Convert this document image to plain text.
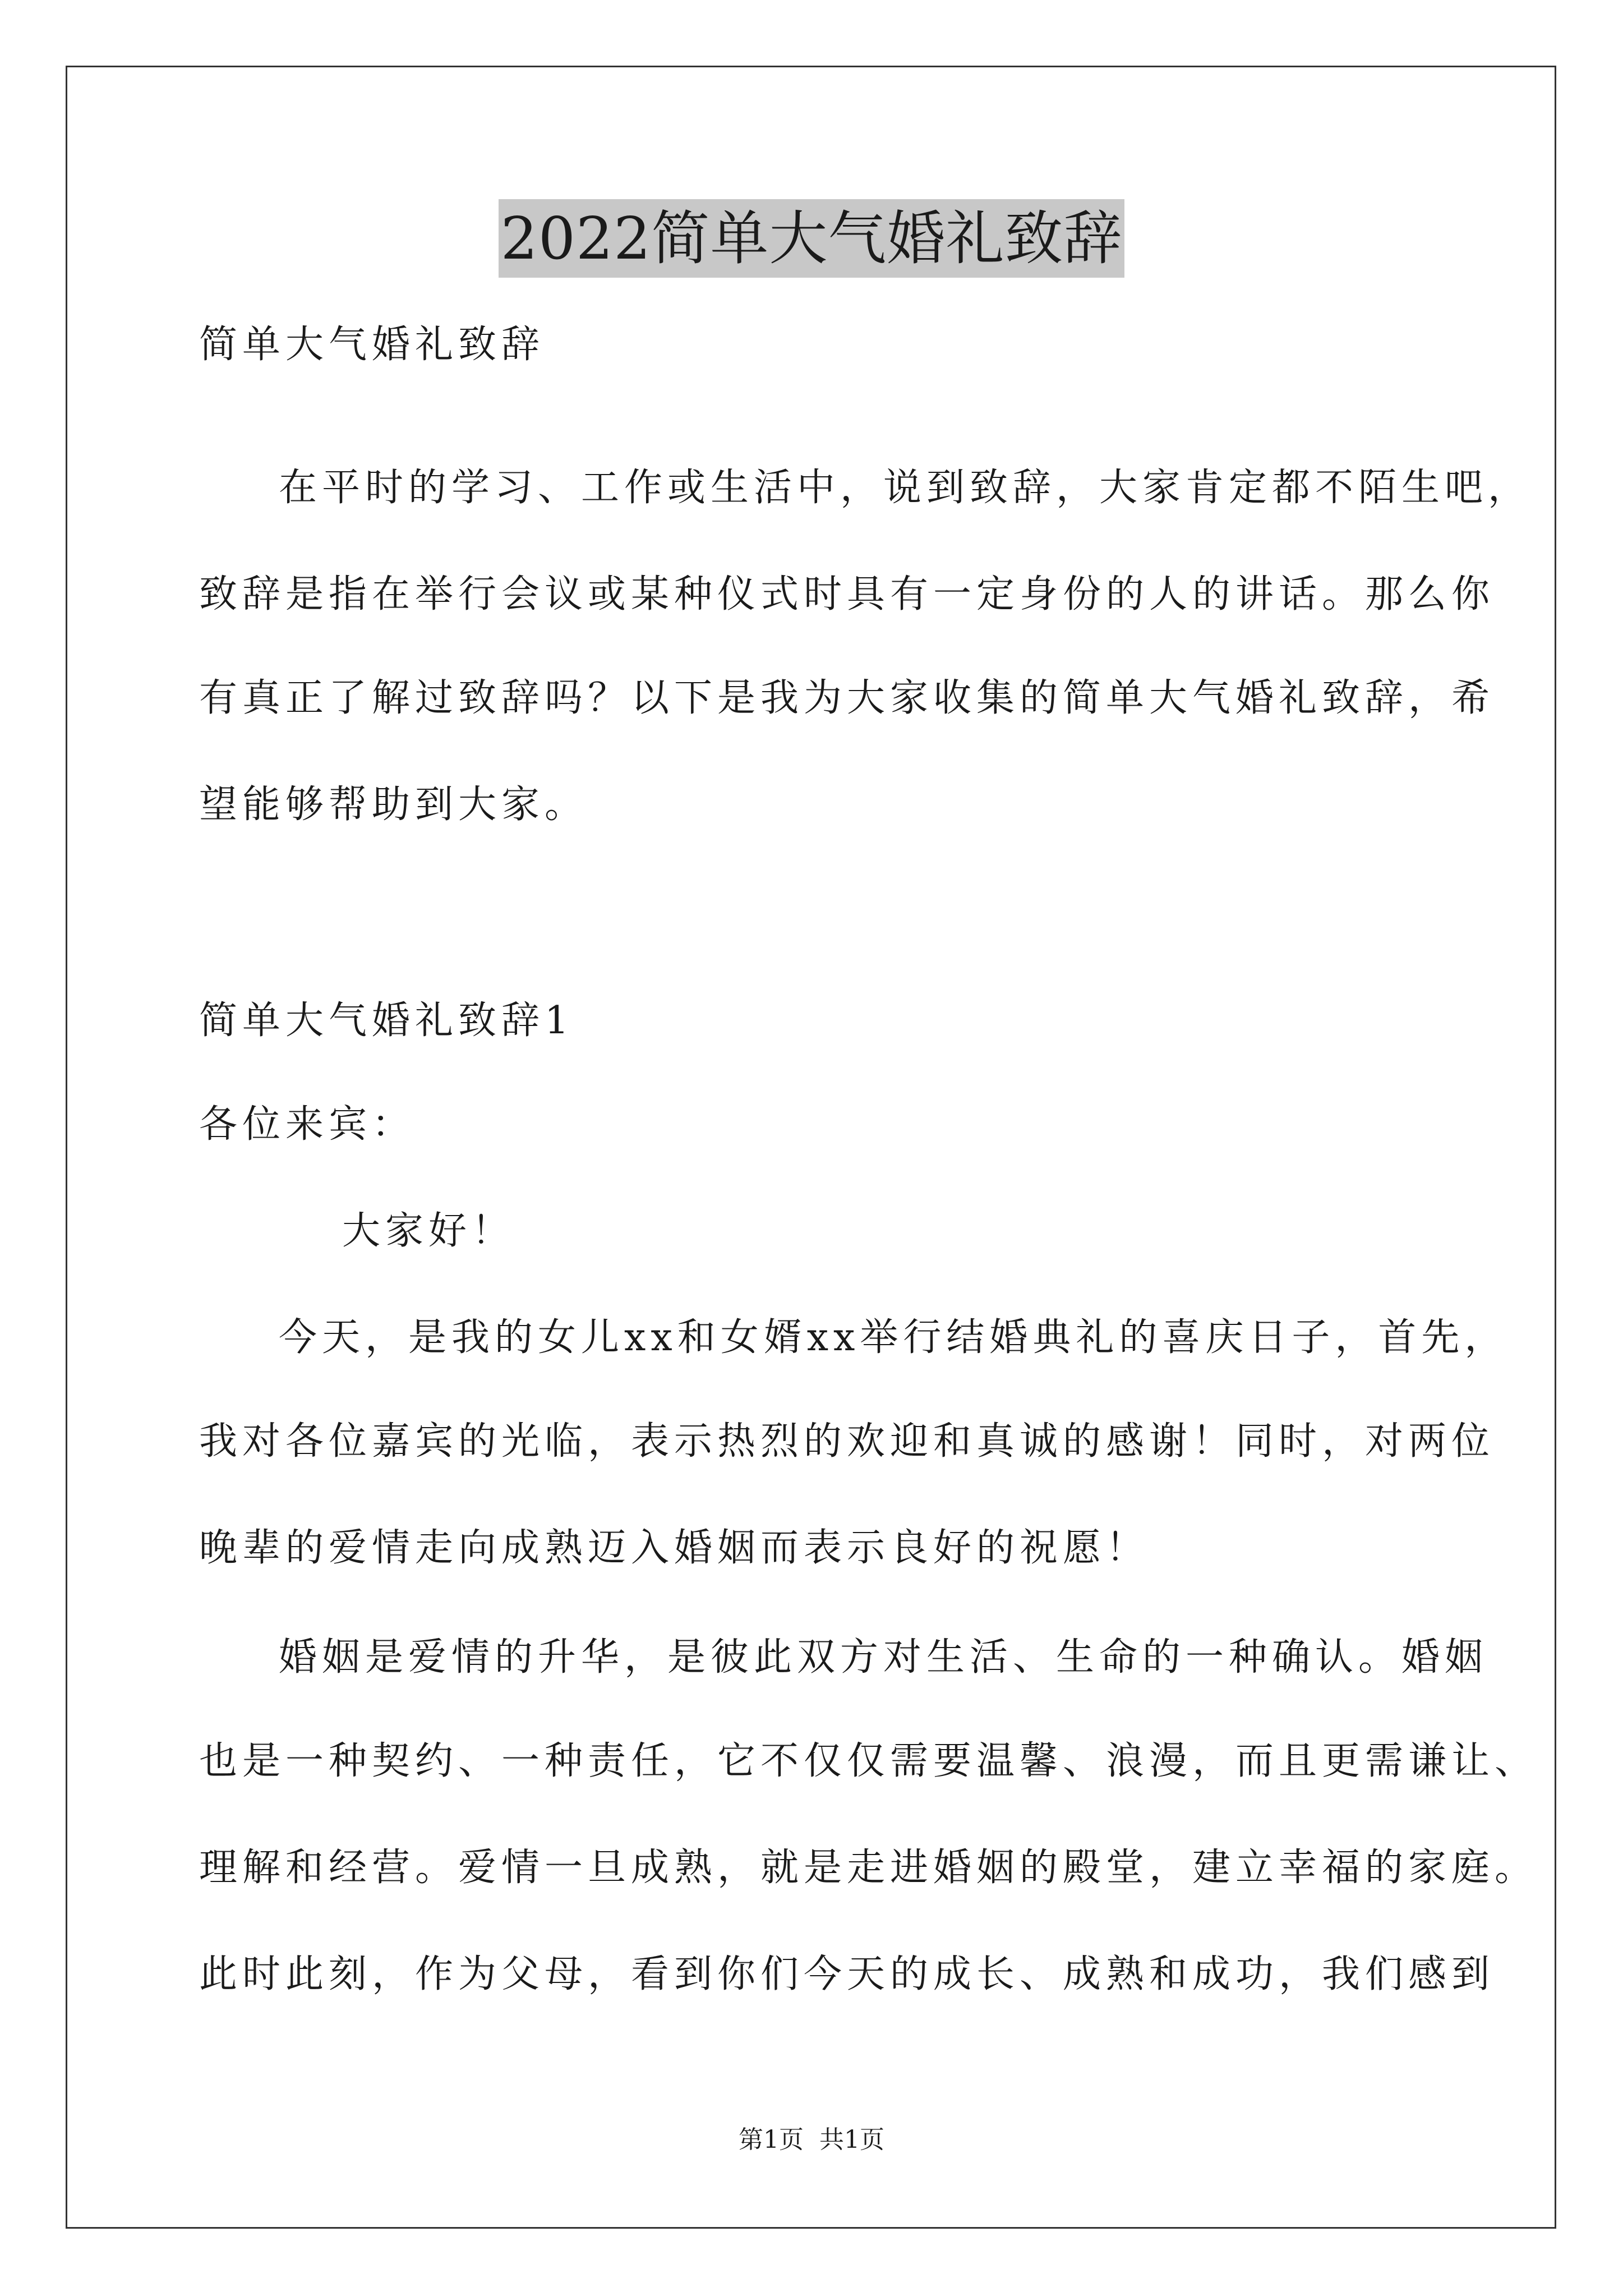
2022简单大气婚礼致辞
简单大气婚礼致辞
在平时的学习、工作或生活中，说到致辞，大家肯定都不陌生吧，
致辞是指在举行会议或某种仪式时具有一定身份的人的讲话。那么你
有真正了解过致辞吗？以下是我为大家收集的简单大气婚礼致辞，希
望能够帮助到大家。
简单大气婚礼致辞1
各位来宾：
大家好！
今天，是我的女儿xx和女婿xx举行结婚典礼的喜庆日子，首先，
我对各位嘉宾的光临，表示热烈的欢迎和真诚的感谢！同时，对两位
晚辈的爱情走向成熟迈入婚姻而表示良好的祝愿！
婚姻是爱情的升华，是彼此双方对生活、生命的一种确认。婚姻
也是一种契约、一种责任，它不仅仅需要温馨、浪漫，而且更需谦让、
理解和经营。爱情一旦成熟，就是走进婚姻的殿堂，建立幸福的家庭。
此时此刻，作为父母，看到你们今天的成长、成熟和成功，我们感到
第1页 共1页
